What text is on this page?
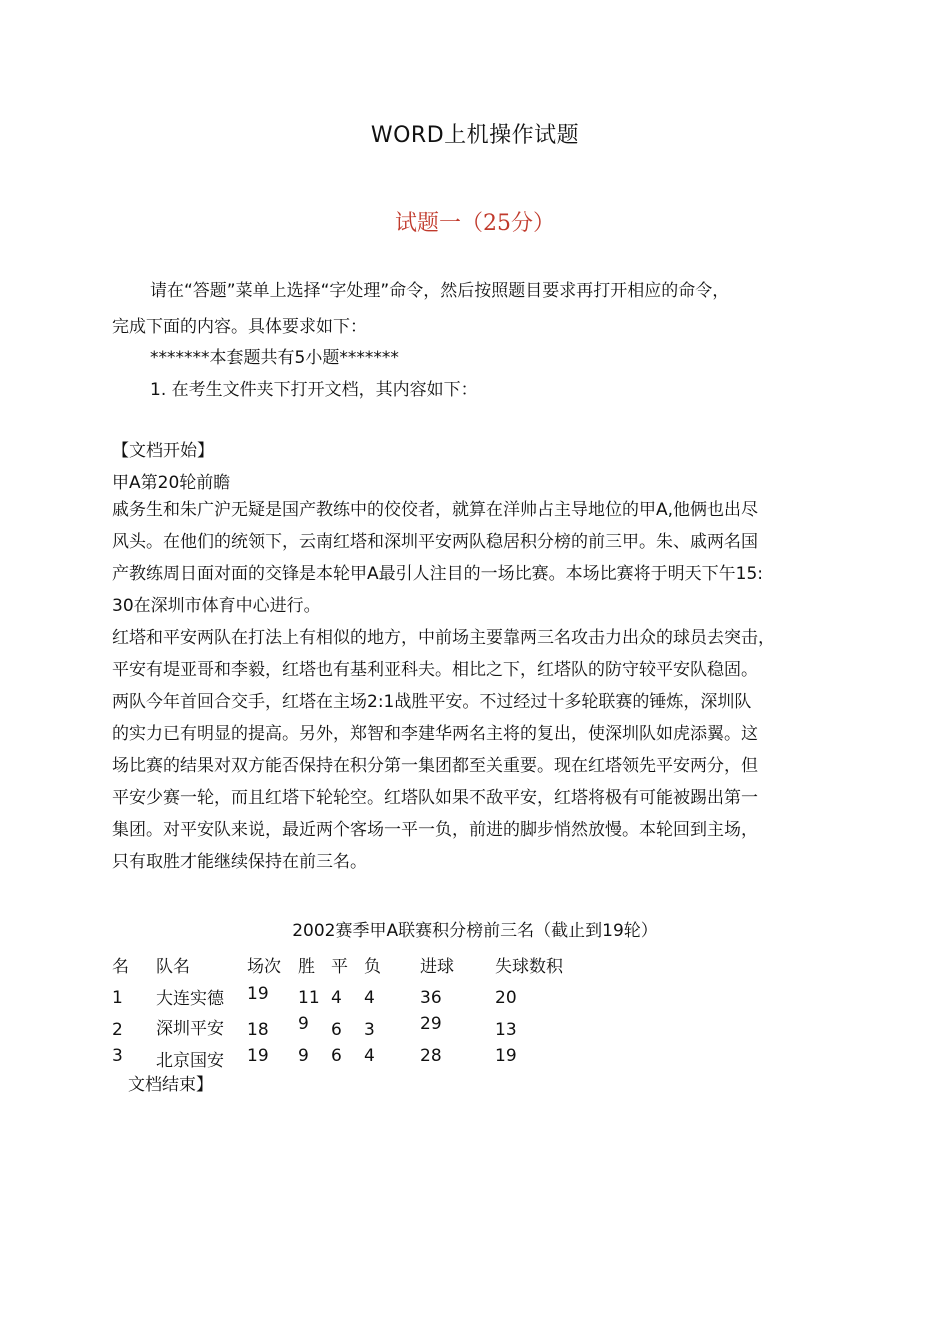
WORD上机操作试题
试题一（25分）
请在“答题”菜单上选择“字处理”命令，然后按照题目要求再打开相应的命令，
完成下面的内容。具体要求如下：
*******本套题共有5小题*******
1. 在考生文件夹下打开文档，其内容如下：
【文档开始】
甲A第20轮前瞻
戚务生和朱广沪无疑是国产教练中的佼佼者，就算在洋帅占主导地位的甲A,他俩也出尽
风头。在他们的统领下，云南红塔和深圳平安两队稳居积分榜的前三甲。朱、戚两名国
产教练周日面对面的交锋是本轮甲A最引人注目的一场比赛。本场比赛将于明天下午15:
30在深圳市体育中心进行。
红塔和平安两队在打法上有相似的地方，中前场主要靠两三名攻击力出众的球员去突击，
平安有堤亚哥和李毅，红塔也有基利亚科夫。相比之下，红塔队的防守较平安队稳固。
两队今年首回合交手，红塔在主场2:1战胜平安。不过经过十多轮联赛的锤炼，深圳队
的实力已有明显的提高。另外，郑智和李建华两名主将的复出，使深圳队如虎添翼。这
场比赛的结果对双方能否保持在积分第一集团都至关重要。现在红塔领先平安两分，但
平安少赛一轮，而且红塔下轮轮空。红塔队如果不敌平安，红塔将极有可能被踢出第一
集团。对平安队来说，最近两个客场一平一负，前进的脚步悄然放慢。本轮回到主场，
只有取胜才能继续保持在前三名。
2002赛季甲A联赛积分榜前三名（截止到19轮）
名 队名	场次 胜 平 负 进球 失球数积
1 大连实德 19 11 4 4	36	20
2 深圳平安 18 9 6 3	29	13
3 北京国安 19 9 6 4	28	19
文档结束】
